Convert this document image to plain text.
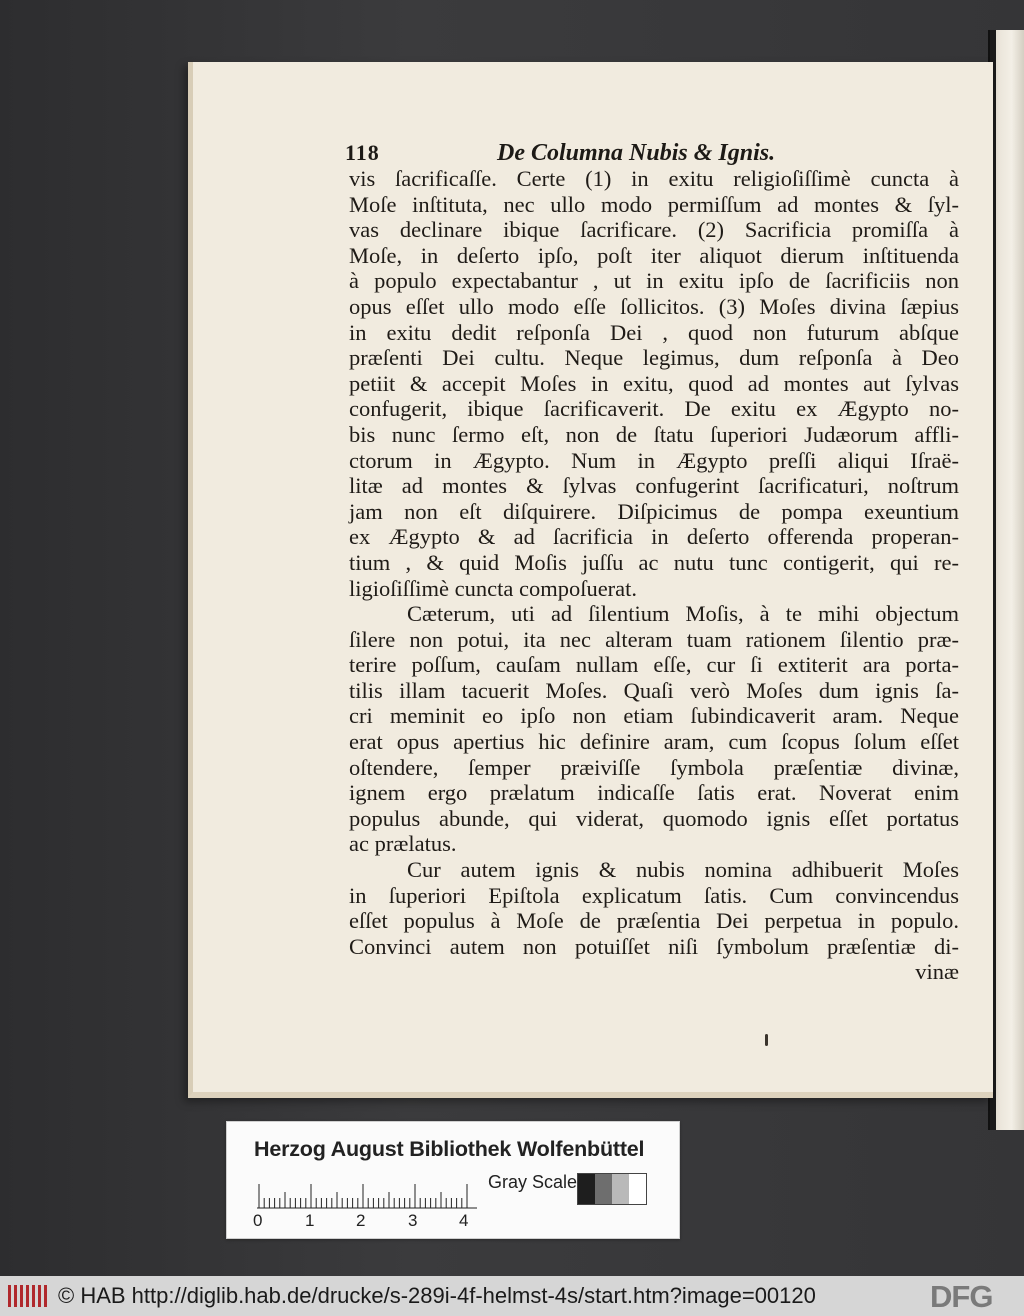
118	De Columna Nubis & Ignis.
vis ſacrificaſſe. Certe (1) in exitu religioſiſſimè cuncta à
Moſe inſtituta, nec ullo modo permiſſum ad montes & ſyl-
vas declinare ibique ſacrificare. (2) Sacrificia promiſſa à
Moſe, in deſerto ipſo, poſt iter aliquot dierum inſtituenda
à populo expectabantur , ut in exitu ipſo de ſacrificiis non
opus eſſet ullo modo eſſe ſollicitos. (3) Moſes divina ſæpius
in exitu dedit reſponſa Dei , quod non futurum abſque
præſenti Dei cultu. Neque legimus, dum reſponſa à Deo
petiit & accepit Moſes in exitu, quod ad montes aut ſylvas
confugerit, ibique ſacrificaverit. De exitu ex Ægypto no-
bis nunc ſermo eſt, non de ſtatu ſuperiori Judæorum affli-
ctorum in Ægypto. Num in Ægypto preſſi aliqui Iſraë-
litæ ad montes & ſylvas confugerint ſacrificaturi, noſtrum
jam non eſt diſquirere. Diſpicimus de pompa exeuntium
ex Ægypto & ad ſacrificia in deſerto offerenda properan-
tium , & quid Moſis juſſu ac nutu tunc contigerit, qui re-
ligioſiſſimè cuncta compoſuerat.
Cæterum, uti ad ſilentium Moſis, à te mihi objectum
ſilere non potui, ita nec alteram tuam rationem ſilentio præ-
terire poſſum, cauſam nullam eſſe, cur ſi extiterit ara porta-
tilis illam tacuerit Moſes. Quaſi verò Moſes dum ignis ſa-
cri meminit eo ipſo non etiam ſubindicaverit aram. Neque
erat opus apertius hic definire aram, cum ſcopus ſolum eſſet
oſtendere, ſemper præiviſſe ſymbola præſentiæ divinæ,
ignem ergo prælatum indicaſſe ſatis erat. Noverat enim
populus abunde, qui viderat, quomodo ignis eſſet portatus
ac prælatus.
Cur autem ignis & nubis nomina adhibuerit Moſes
in ſuperiori Epiſtola explicatum ſatis. Cum convincendus
eſſet populus à Moſe de præſentia Dei perpetua in populo.
Convinci autem non potuiſſet niſi ſymbolum præſentiæ di-
vinæ
Herzog August Bibliothek Wolfenbüttel
0	1 2	3 4
Gray Scale
© HAB http://diglib.hab.de/drucke/s-289i-4f-helmst-4s/start.htm?image=00120	DFG
